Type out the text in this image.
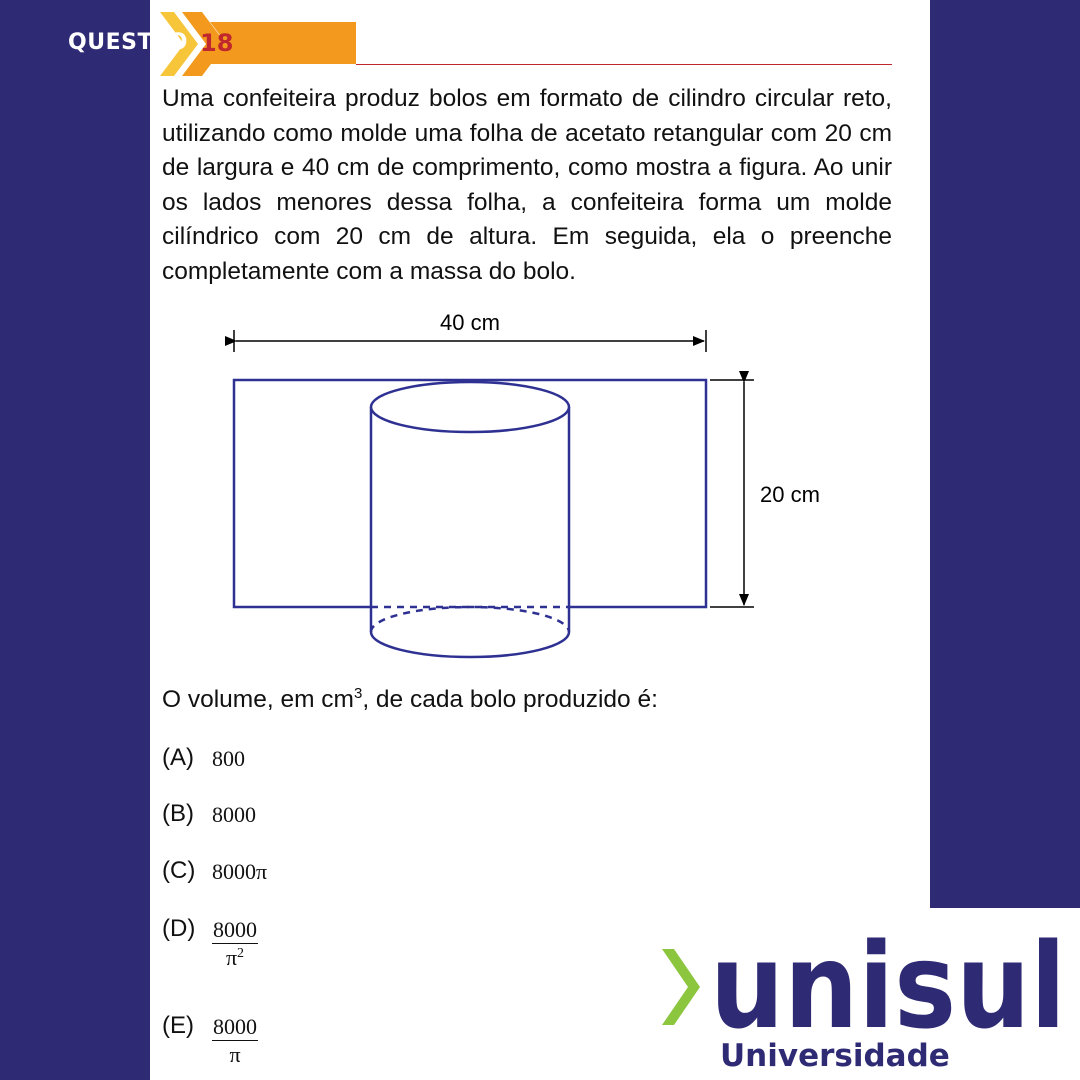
QUESTÃO 18
Uma confeiteira produz bolos em formato de cilindro circular reto, utilizando como molde uma folha de acetato retangular com 20 cm de largura e 40 cm de comprimento, como mostra a figura. Ao unir os lados menores dessa folha, a confeiteira forma um molde cilíndrico com 20 cm de altura. Em seguida, ela o preenche completamente com a massa do bolo.
40 cm
20 cm
O volume, em $cm^3$, de cada bolo produzido é:
(A) 800
(B) 8000
(C) 8000π
$(D) \frac{8000}{\pi^2}$
$(E) \frac{8000}{\pi}$	unisul
Universidade
